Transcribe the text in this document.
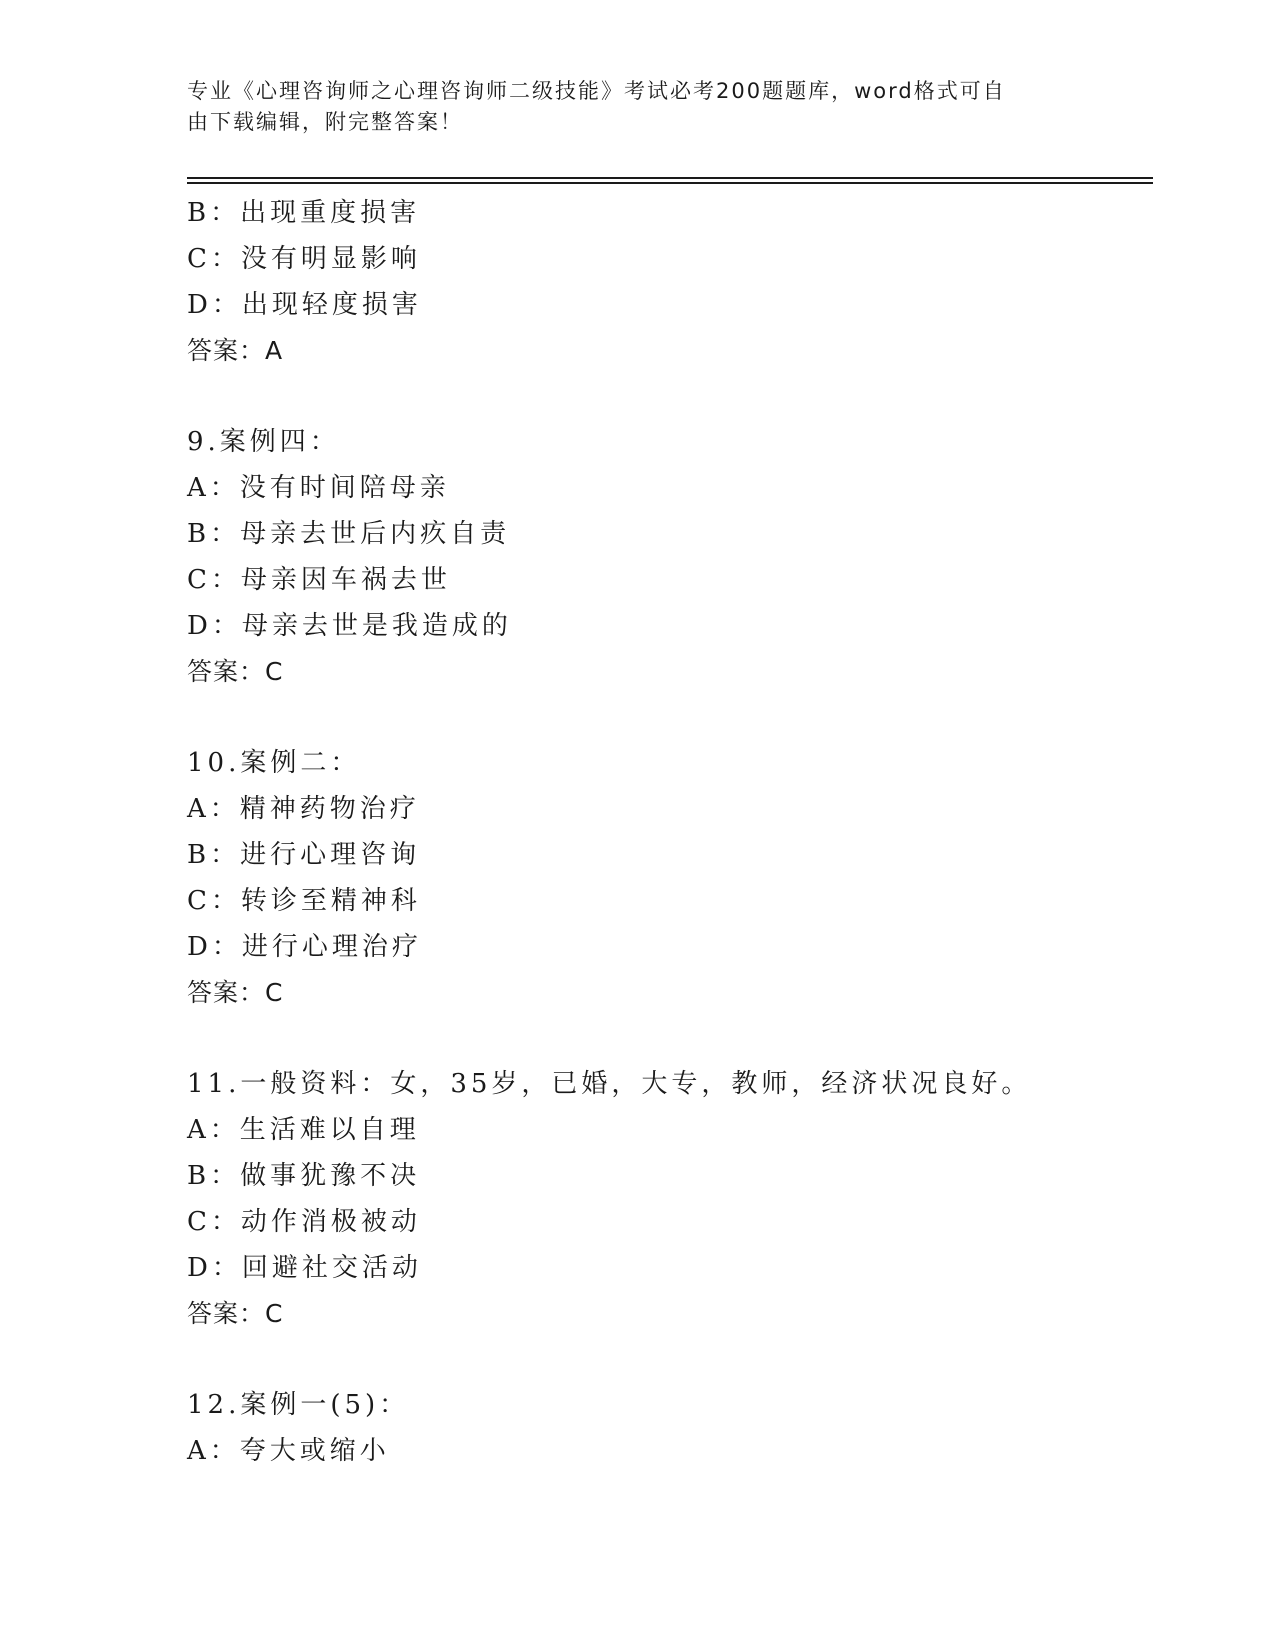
专业《心理咨询师之心理咨询师二级技能》考试必考200题题库，word格式可自
由下载编辑，附完整答案！
B：出现重度损害
C：没有明显影响
D：出现轻度损害
答案：A
9.案例四：
A：没有时间陪母亲
B：母亲去世后内疚自责
C：母亲因车祸去世
D：母亲去世是我造成的
答案：C
10.案例二：
A：精神药物治疗
B：进行心理咨询
C：转诊至精神科
D：进行心理治疗
答案：C
11.一般资料：女，35岁，已婚，大专，教师，经济状况良好。
A：生活难以自理
B：做事犹豫不决
C：动作消极被动
D：回避社交活动
答案：C
12.案例一(5)：
A：夸大或缩小
